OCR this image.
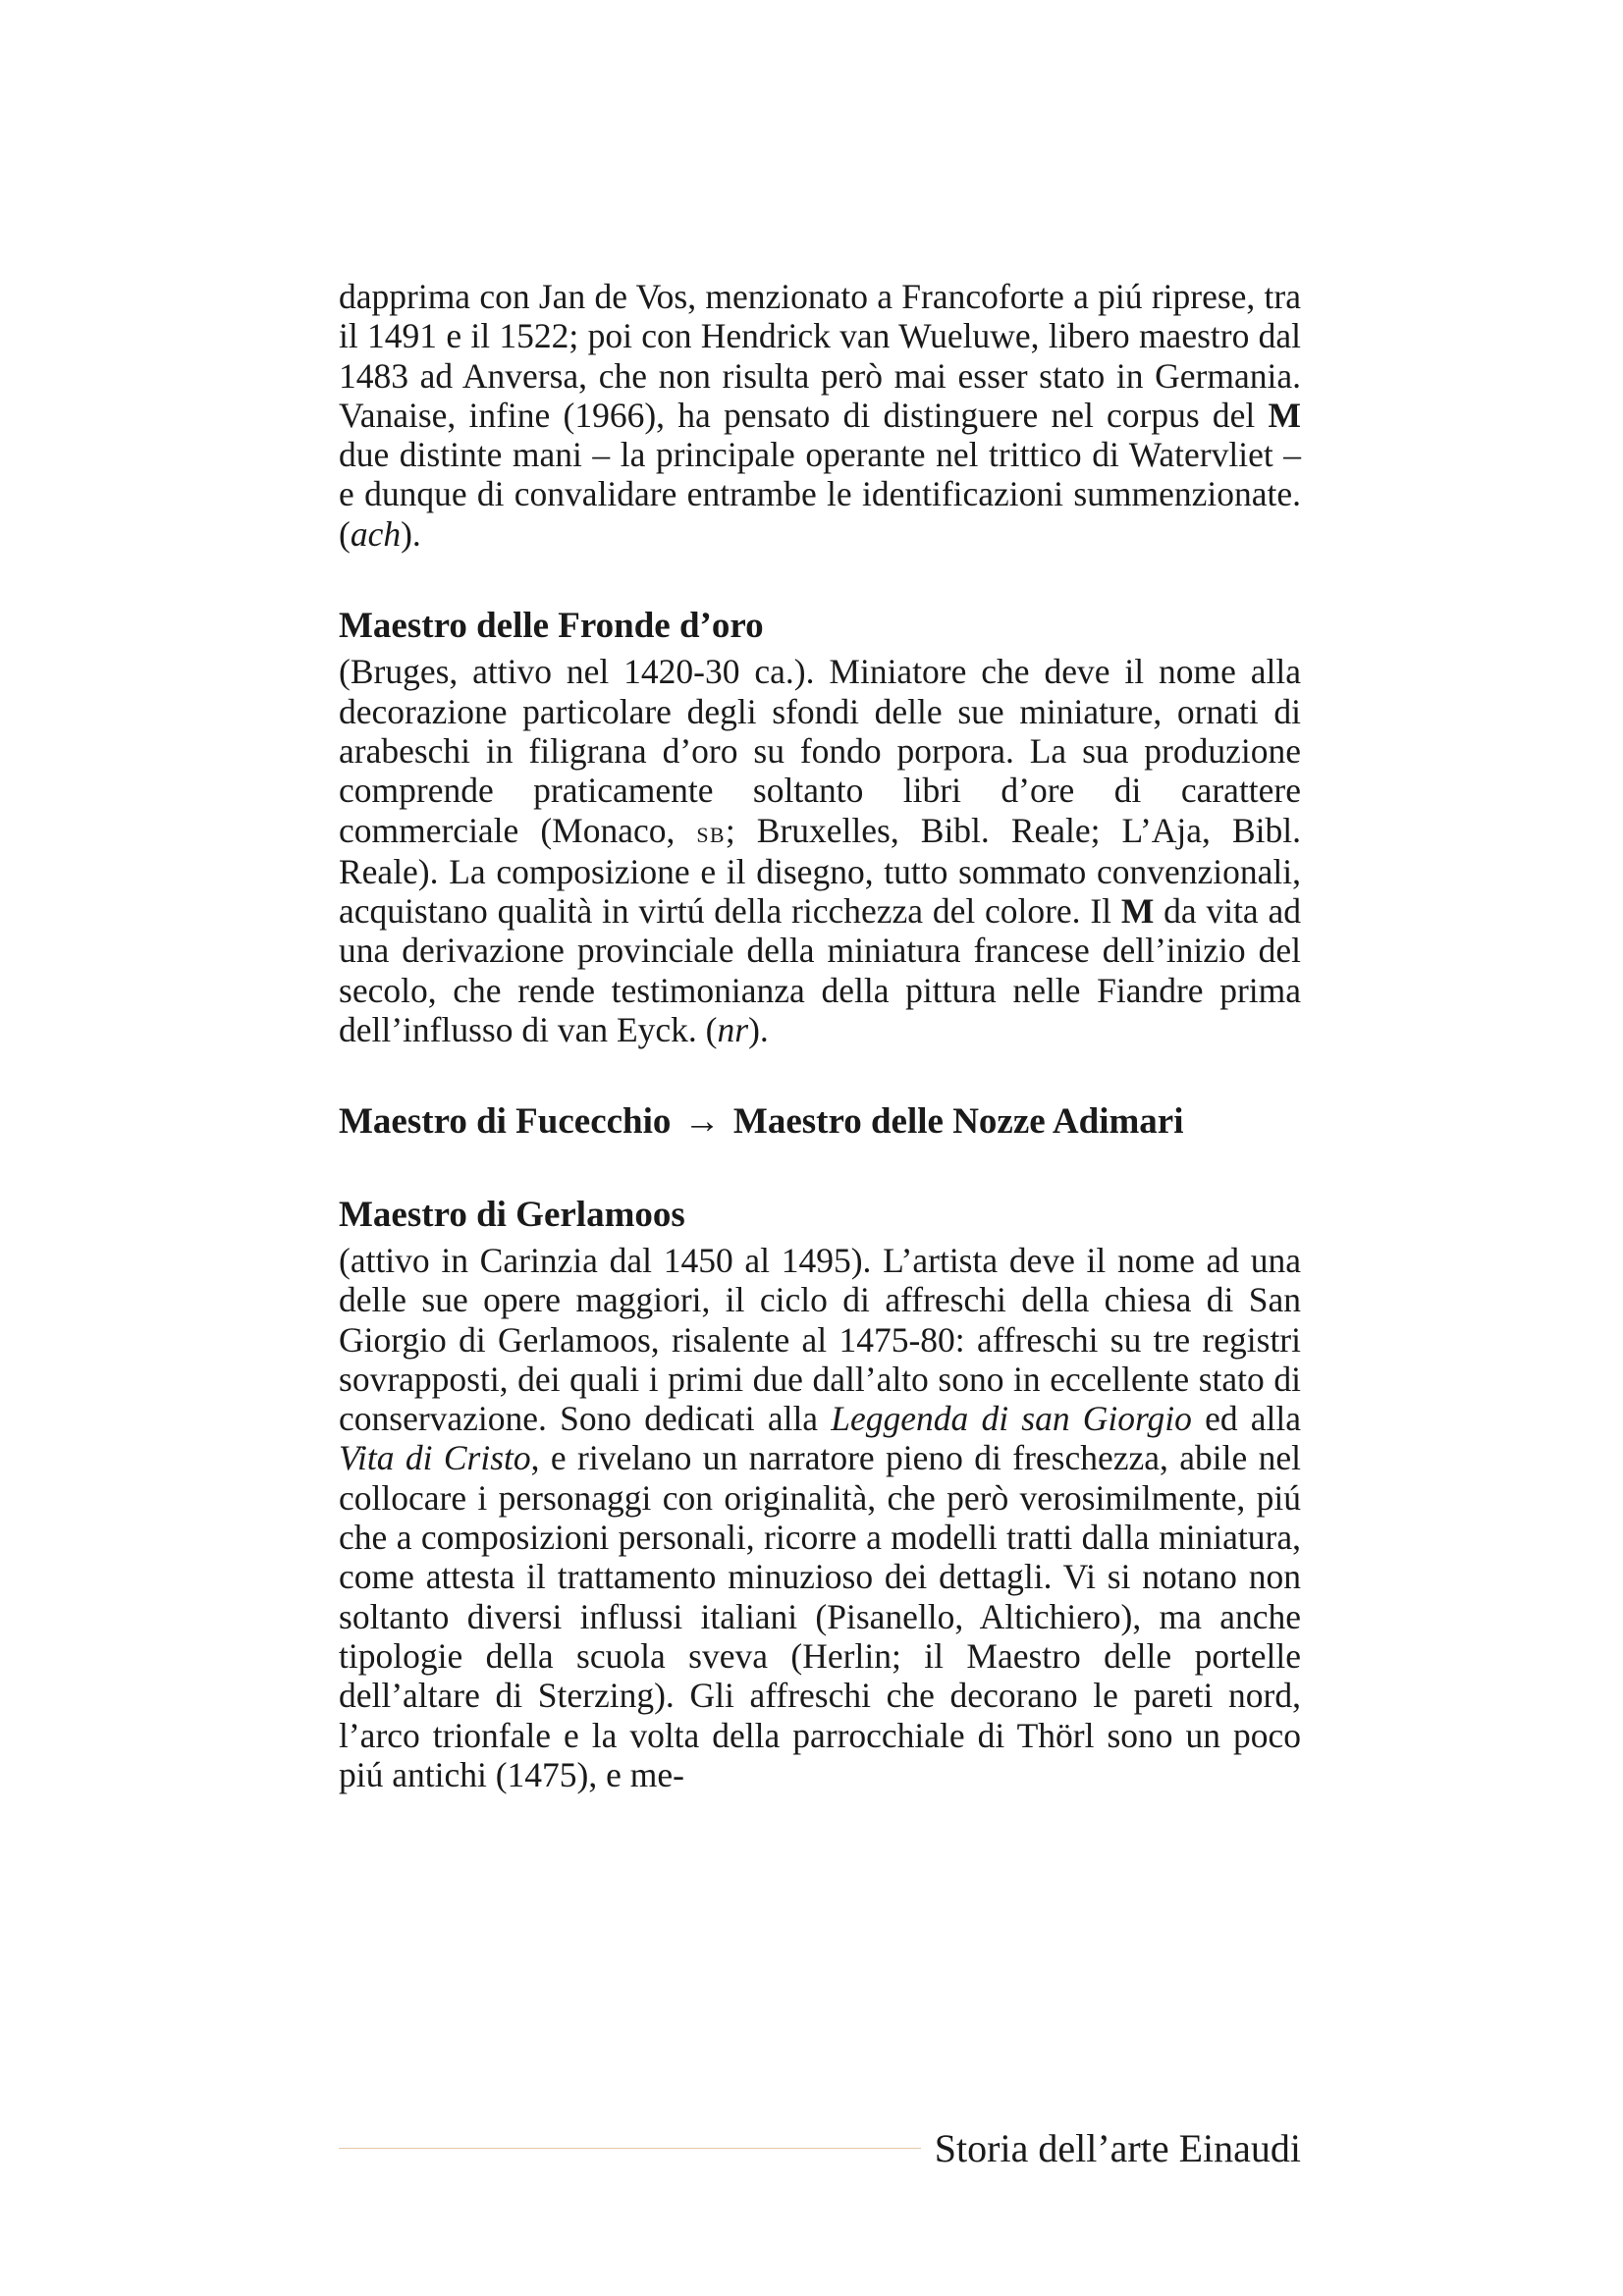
dapprima con Jan de Vos, menzionato a Francoforte a piú riprese, tra il 1491 e il 1522; poi con Hendrick van Wueluwe, libero maestro dal 1483 ad Anversa, che non risulta però mai esser stato in Germania. Vanaise, infine (1966), ha pensato di distinguere nel corpus del M due distinte mani – la principale operante nel trittico di Watervliet – e dunque di convalidare entrambe le identificazioni summenzionate. (ach).

Maestro delle Fronde d’oro

(Bruges, attivo nel 1420-30 ca.). Miniatore che deve il nome alla decorazione particolare degli sfondi delle sue miniature, ornati di arabeschi in filigrana d’oro su fondo porpora. La sua produzione comprende praticamente soltanto libri d’ore di carattere commerciale (Monaco, sb; Bruxelles, Bibl. Reale; L’Aja, Bibl. Reale). La composizione e il disegno, tutto sommato convenzionali, acquistano qualità in virtú della ricchezza del colore. Il M da vita ad una derivazione provinciale della miniatura francese dell’inizio del secolo, che rende testimonianza della pittura nelle Fiandre prima dell’influsso di van Eyck. (nr).

Maestro di Fucecchio → Maestro delle Nozze Adimari
Maestro di Gerlamoos

(attivo in Carinzia dal 1450 al 1495). L’artista deve il nome ad una delle sue opere maggiori, il ciclo di affreschi della chiesa di San Giorgio di Gerlamoos, risalente al 1475-80: affreschi su tre registri sovrapposti, dei quali i primi due dall’alto sono in eccellente stato di conservazione. Sono dedicati alla Leggenda di san Giorgio ed alla Vita di Cristo, e rivelano un narratore pieno di freschezza, abile nel collocare i personaggi con originalità, che però verosimilmente, piú che a composizioni personali, ricorre a modelli tratti dalla miniatura, come attesta il trattamento minuzioso dei dettagli. Vi si notano non soltanto diversi influssi italiani (Pisanello, Altichiero), ma anche tipologie della scuola sveva (Herlin; il Maestro delle portelle dell’altare di Sterzing). Gli affreschi che decorano le pareti nord, l’arco trionfale e la volta della parrocchiale di Thörl sono un poco piú antichi (1475), e me-

Storia dell’arte Einaudi
